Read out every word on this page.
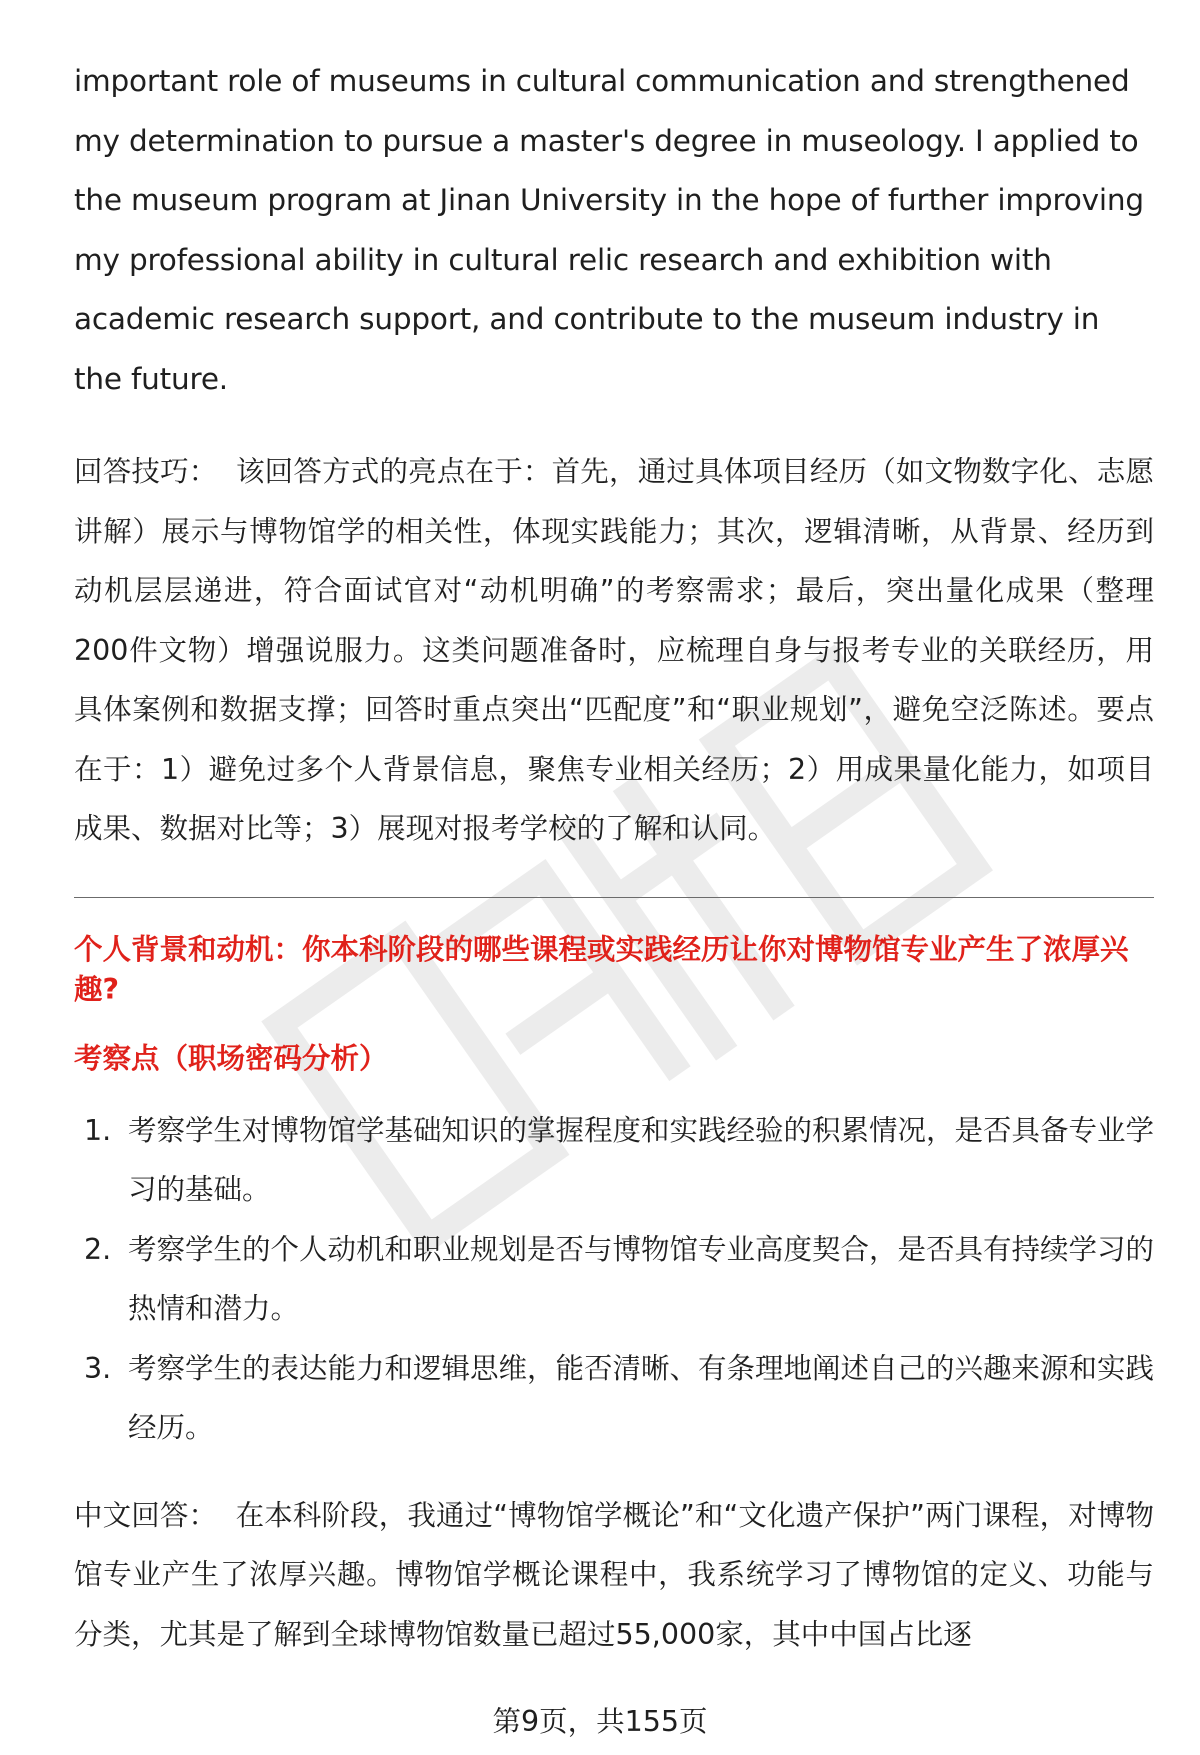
important role of museums in cultural communication and strengthened my determination to pursue a master's degree in museology. I applied to the museum program at Jinan University in the hope of further improving my professional ability in cultural relic research and exhibition with academic research support, and contribute to the museum industry in the future.

回答技巧： 该回答方式的亮点在于：首先，通过具体项目经历（如文物数字化、志愿讲解）展示与博物馆学的相关性，体现实践能力；其次，逻辑清晰，从背景、经历到动机层层递进，符合面试官对“动机明确”的考察需求；最后，突出量化成果（整理200件文物）增强说服力。这类问题准备时，应梳理自身与报考专业的关联经历，用具体案例和数据支撑；回答时重点突出“匹配度”和“职业规划”，避免空泛陈述。要点在于：1）避免过多个人背景信息，聚焦专业相关经历；2）用成果量化能力，如项目成果、数据对比等；3）展现对报考学校的了解和认同。

个人背景和动机：你本科阶段的哪些课程或实践经历让你对博物馆专业产生了浓厚兴趣?
考察点（职场密码分析）
1. 考察学生对博物馆学基础知识的掌握程度和实践经验的积累情况，是否具备专业学习的基础。
2. 考察学生的个人动机和职业规划是否与博物馆专业高度契合，是否具有持续学习的热情和潜力。
3. 考察学生的表达能力和逻辑思维，能否清晰、有条理地阐述自己的兴趣来源和实践经历。

中文回答： 在本科阶段，我通过“博物馆学概论”和“文化遗产保护”两门课程，对博物馆专业产生了浓厚兴趣。博物馆学概论课程中，我系统学习了博物馆的定义、功能与分类，尤其是了解到全球博物馆数量已超过55,000家，其中中国占比逐

第9页，共155页
